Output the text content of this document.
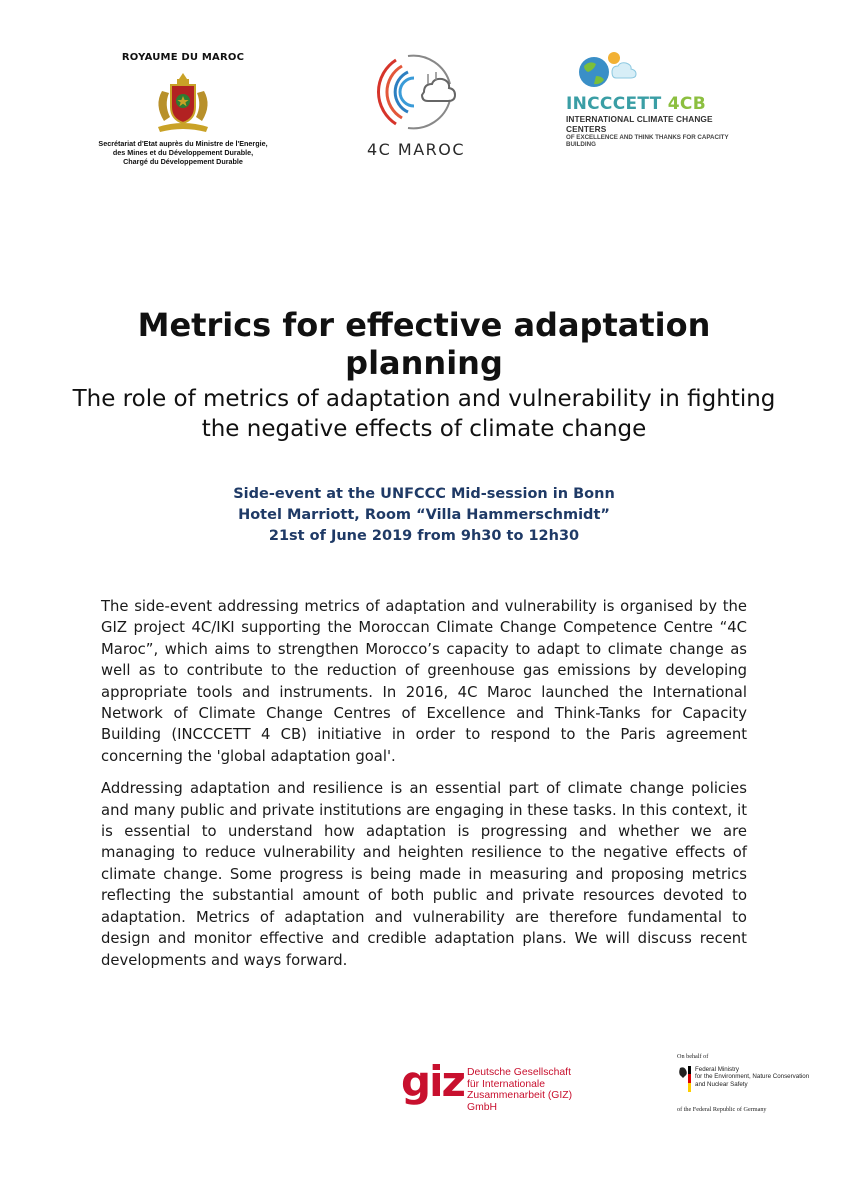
ROYAUME DU MAROC
Secrétariat d'Etat auprès du Ministre de l'Energie,
des Mines et du Développement Durable,
Chargé du Développement Durable
4C MAROC
INCCCETT 4CB
INTERNATIONAL CLIMATE CHANGE CENTERS
OF EXCELLENCE AND THINK THANKS FOR CAPACITY BUILDING
Metrics for effective adaptation planning
The role of metrics of adaptation and vulnerability in fighting the negative effects of climate change
Side-event at the UNFCCC Mid-session in Bonn
Hotel Marriott, Room “Villa Hammerschmidt”
21st of June 2019 from 9h30 to 12h30

The side-event addressing metrics of adaptation and vulnerability is organised by the GIZ project 4C/IKI supporting the Moroccan Climate Change Competence Centre “4C Maroc”, which aims to strengthen Morocco’s capacity to adapt to climate change as well as to contribute to the reduction of greenhouse gas emissions by developing appropriate tools and instruments. In 2016, 4C Maroc launched the International Network of Climate Change Centres of Excellence and Think-Tanks for Capacity Building (INCCCETT 4 CB) initiative in order to respond to the Paris agreement concerning the 'global adaptation goal'.

Addressing adaptation and resilience is an essential part of climate change policies and many public and private institutions are engaging in these tasks. In this context, it is essential to understand how adaptation is progressing and whether we are managing to reduce vulnerability and heighten resilience to the negative effects of climate change. Some progress is being made in measuring and proposing metrics reflecting the substantial amount of both public and private resources devoted to adaptation. Metrics of adaptation and vulnerability are therefore fundamental to design and monitor effective and credible adaptation plans. We will discuss recent developments and ways forward.

giz Deutsche Gesellschaft
für Internationale
Zusammenarbeit (GIZ) GmbH
On behalf of
Federal Ministry
for the Environment, Nature Conservation
and Nuclear Safety
of the Federal Republic of Germany
